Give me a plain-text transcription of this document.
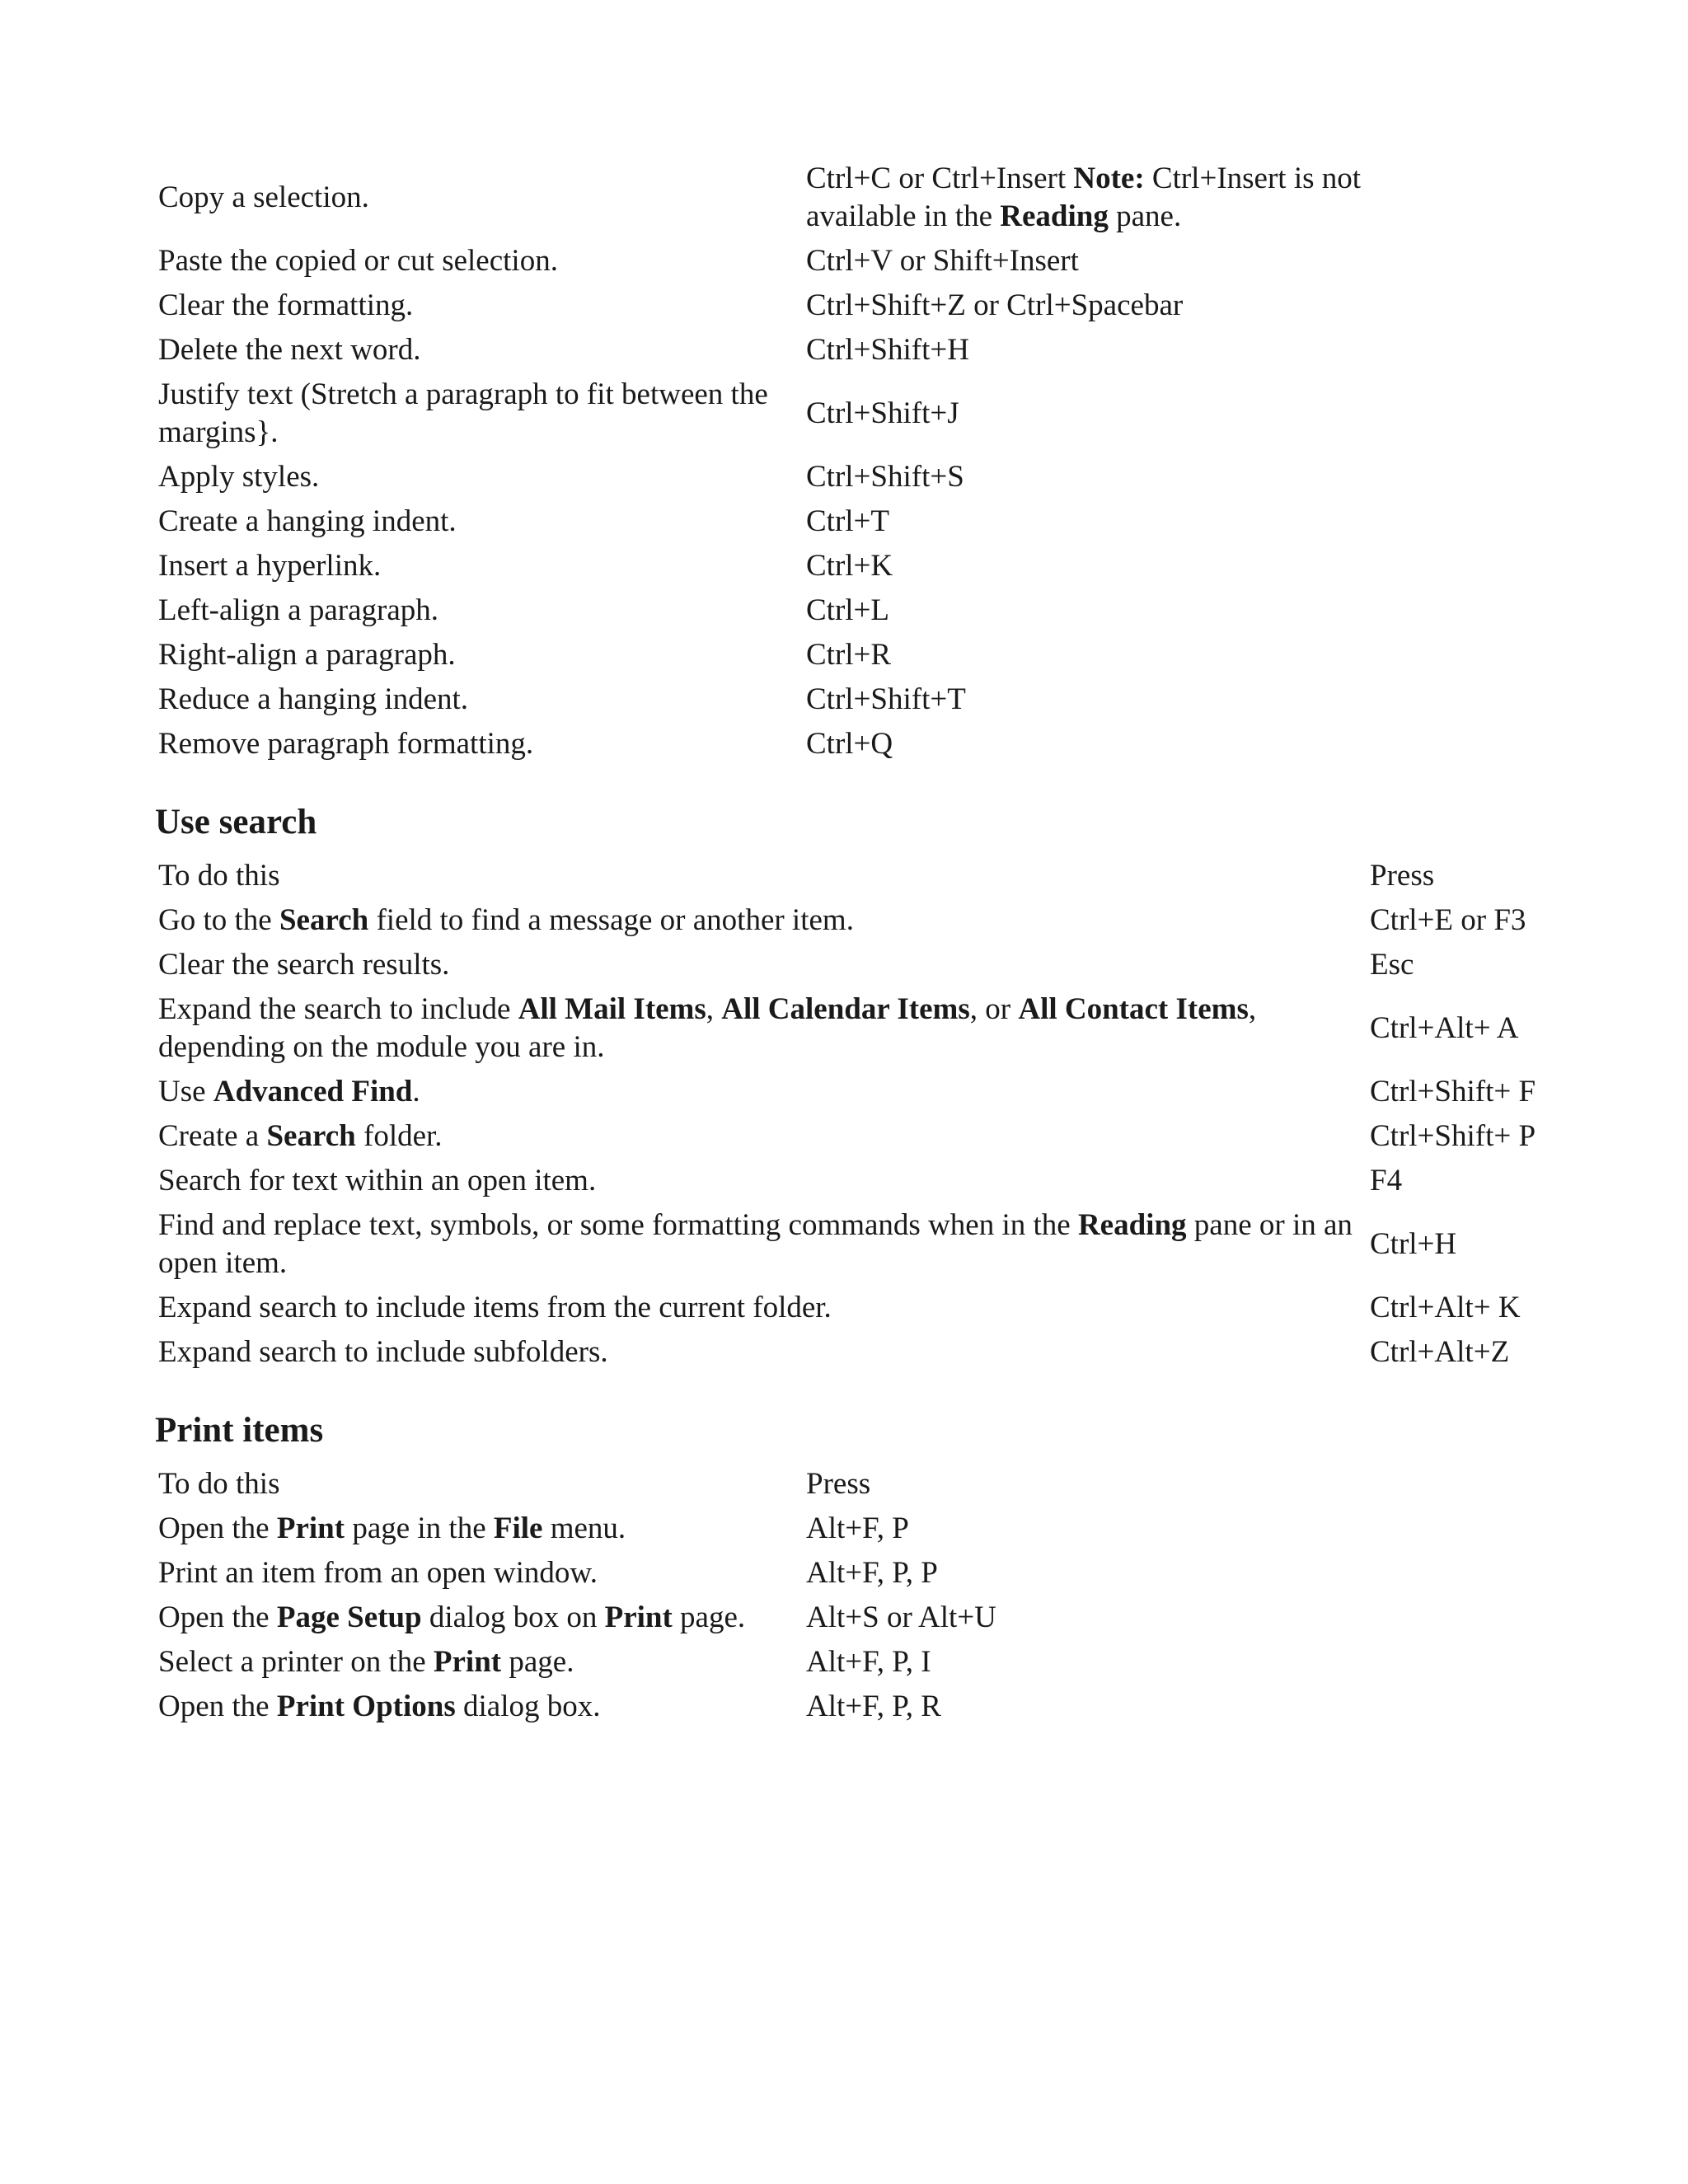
Copy a selection.	Ctrl+C or Ctrl+Insert Note: Ctrl+Insert is not available in the Reading pane.
Paste the copied or cut selection.	Ctrl+V or Shift+Insert
Clear the formatting.	Ctrl+Shift+Z or Ctrl+Spacebar
Delete the next word.	Ctrl+Shift+H
Justify text (Stretch a paragraph to fit between the margins}.	Ctrl+Shift+J
Apply styles.	Ctrl+Shift+S
Create a hanging indent.	Ctrl+T
Insert a hyperlink.	Ctrl+K
Left-align a paragraph.	Ctrl+L
Right-align a paragraph.	Ctrl+R
Reduce a hanging indent.	Ctrl+Shift+T
Remove paragraph formatting.	Ctrl+Q
Use search
To do this	Press
Go to the Search field to find a message or another item.	Ctrl+E or F3
Clear the search results.	Esc
Expand the search to include All Mail Items, All Calendar Items, or All Contact Items, depending on the module you are in.	Ctrl+Alt+ A
Use Advanced Find.	Ctrl+Shift+ F
Create a Search folder.	Ctrl+Shift+ P
Search for text within an open item.	F4
Find and replace text, symbols, or some formatting commands when in the Reading pane or in an open item.	Ctrl+H
Expand search to include items from the current folder.	Ctrl+Alt+ K
Expand search to include subfolders.	Ctrl+Alt+Z
Print items
To do this	Press
Open the Print page in the File menu.	Alt+F, P
Print an item from an open window.	Alt+F, P, P
Open the Page Setup dialog box on Print page.	Alt+S or Alt+U
Select a printer on the Print page.	Alt+F, P, I
Open the Print Options dialog box.	Alt+F, P, R
